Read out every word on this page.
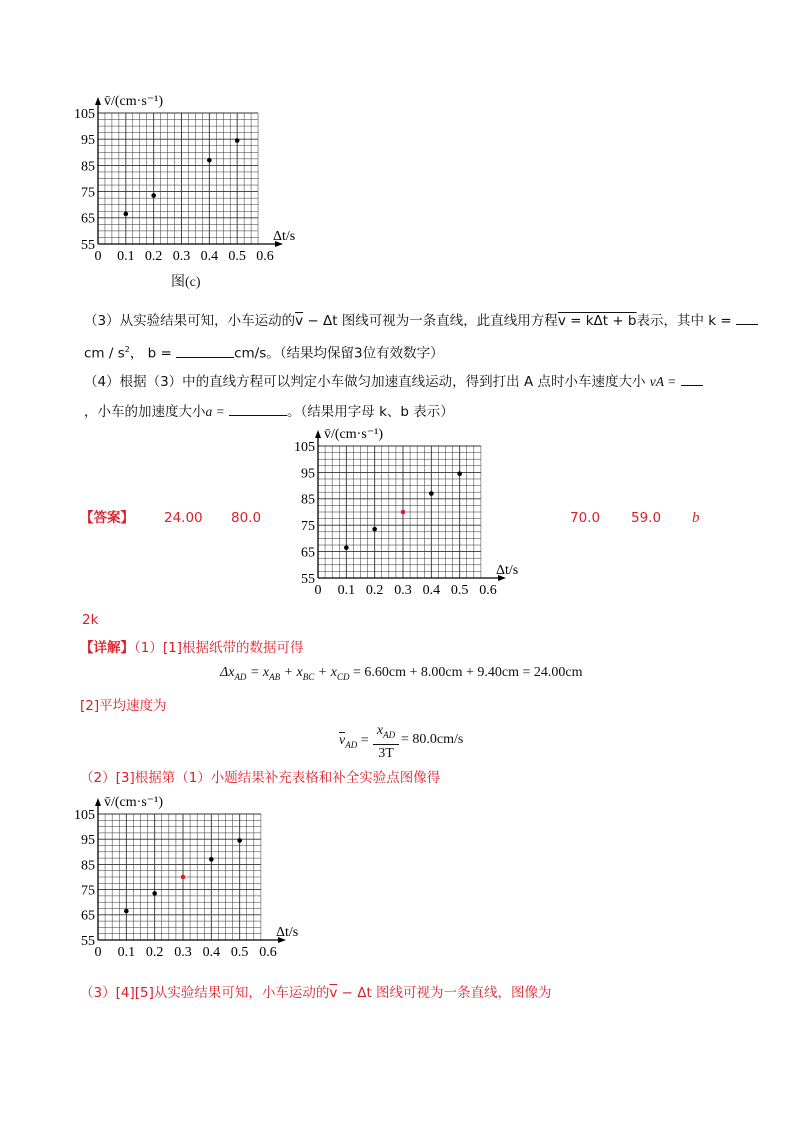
0 0.1 0.2 0.3 0.4 0.5 0.6
55
65
75
85
95
105
Δt/s
v̄/(cm·s⁻¹)
图(c)
（3）从实验结果可知，小车运动的$\overline{v} - \Delta t$ 图线可视为一条直线，此直线用方程v = kΔt + b表示，其中 k =
cm / $s^2$， b =	cm/s。（结果均保留3位有效数字）
（4）根据（3）中的直线方程可以判定小车做匀加速直线运动，得到打出 A 点时小车速度大小 vA =
，小车的加速度大小a =	。（结果用字母 k、b 表示）
【答案】 24.00 80.0
0 0.1 0.2 0.3 0.4 0.5 0.6
55
65
75
85
95
105
Δt/s
v̄/(cm·s⁻¹)
70.0 59.0 b
2k
【详解】（1）[1]根据纸带的数据可得
$\Delta x_{AD} = x_{AB} + x_{BC} + x_{CD} = 6.60cm + 8.00cm + 9.40cm = 24.00cm$
[2]平均速度为
$v_{AD}$ =
$x_{AD}$
3T
= 80.0cm/s
（2）[3]根据第（1）小题结果补充表格和补全实验点图像得
0 0.1 0.2 0.3 0.4 0.5 0.6
55
65
75
85
95
105
Δt/s
v̄/(cm·s⁻¹)
（3）[4][5]从实验结果可知，小车运动的$\overline{v} - \Delta t$ 图线可视为一条直线，图像为
